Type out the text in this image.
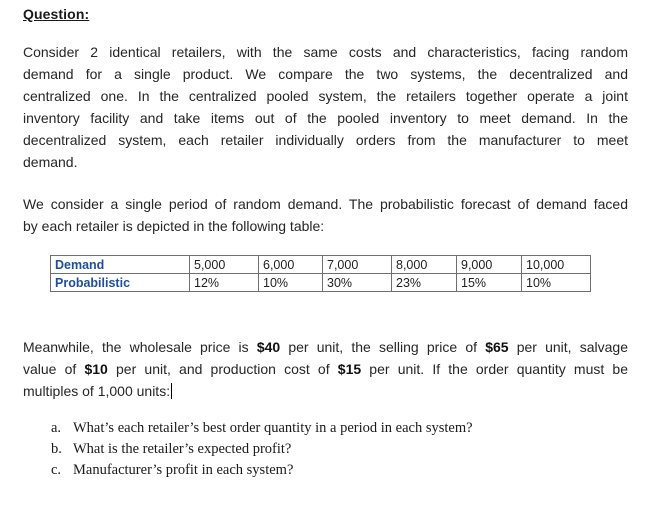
Question:
Consider 2 identical retailers, with the same costs and characteristics, facing random
demand for a single product. We compare the two systems, the decentralized and
centralized one. In the centralized pooled system, the retailers together operate a joint
inventory facility and take items out of the pooled inventory to meet demand. In the
decentralized system, each retailer individually orders from the manufacturer to meet
demand.
We consider a single period of random demand. The probabilistic forecast of demand faced
by each retailer is depicted in the following table:
Demand	5,000	6,000	7,000	8,000	9,000	10,000
Probabilistic	12%	10%	30%	23%	15%	10%
Meanwhile, the wholesale price is $40 per unit, the selling price of $65 per unit, salvage
value of $10 per unit, and production cost of $15 per unit. If the order quantity must be
multiples of 1,000 units:
a. What’s each retailer’s best order quantity in a period in each system?
b. What is the retailer’s expected profit?
c. Manufacturer’s profit in each system?
